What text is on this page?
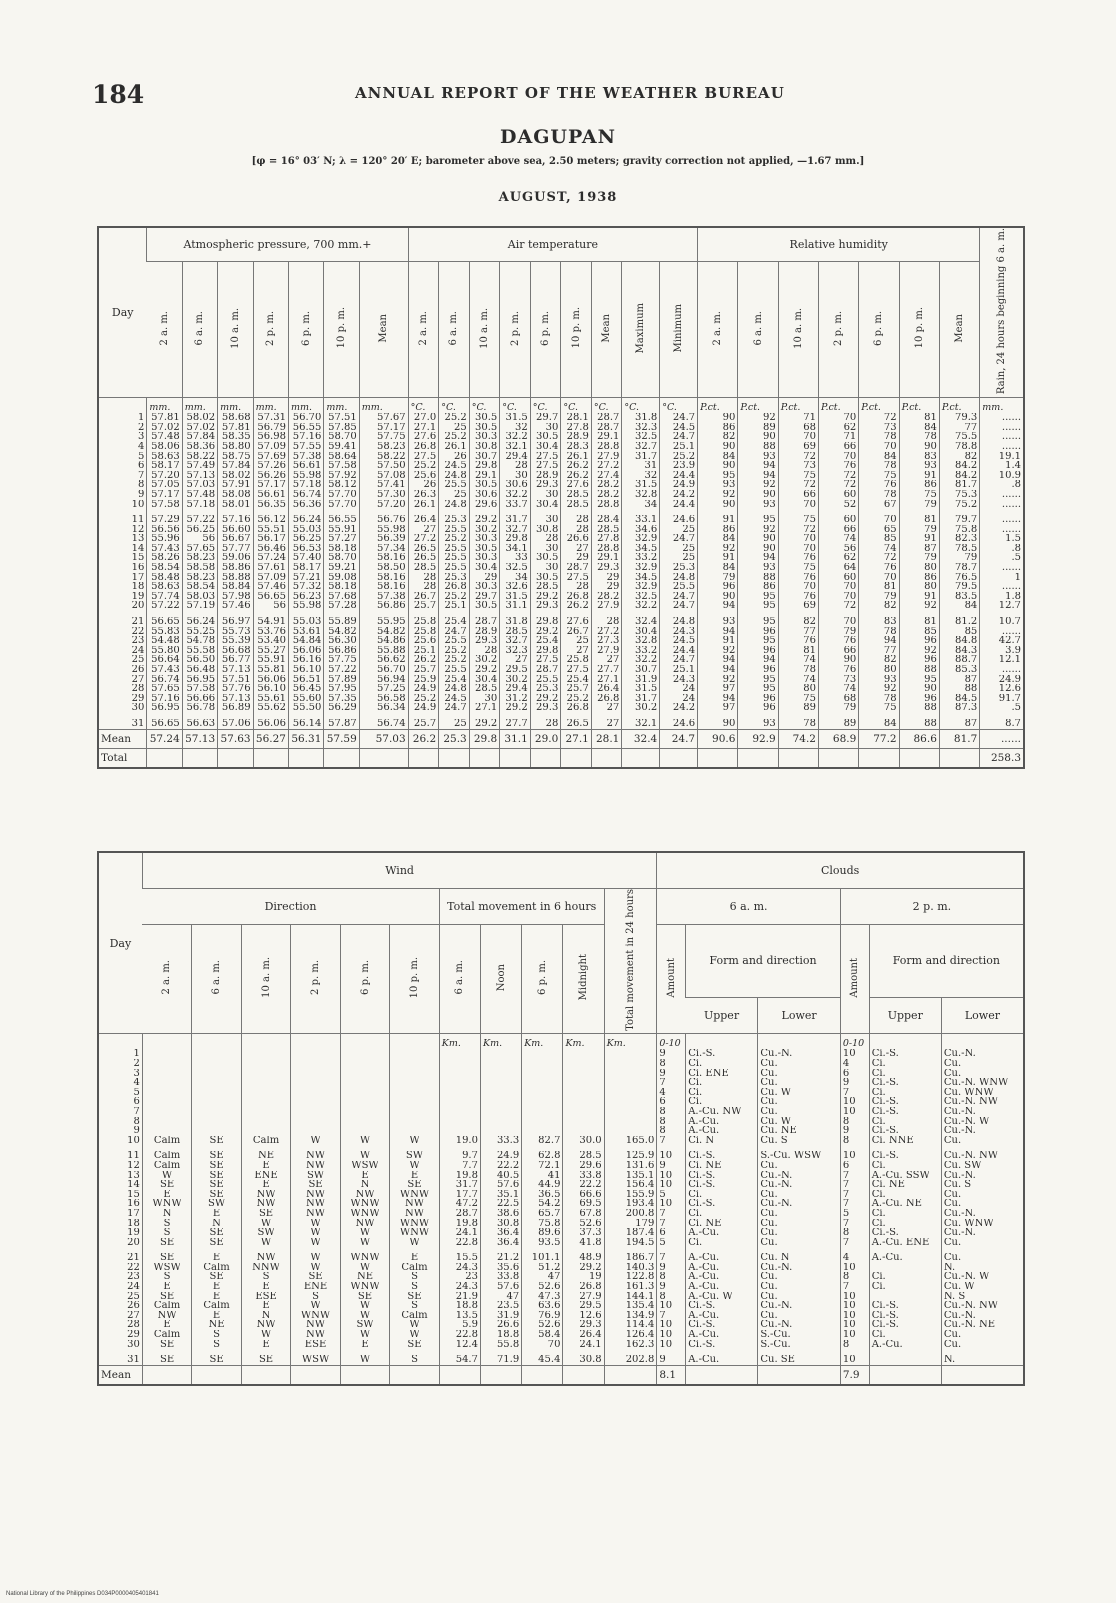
184	ANNUAL REPORT OF THE WEATHER BUREAU
DAGUPAN
[φ = 16° 03′ N; λ = 120° 20′ E; barometer above sea, 2.50 meters; gravity correction not applied, —1.67 mm.]
AUGUST, 1938
Day	Atmospheric pressure, 700 mm.+							Air temperature									Relative humidity							Rain, 24 hours beginning 6 a. m.
	2 a. m.	6 a. m.	10 a. m.	2 p. m.	6 p. m.	10 p. m.	Mean	2 a. m.	6 a. m.	10 a. m.	2 p. m.	6 p. m.	10 p. m.	Mean	Maximum	Minimum	2 a. m.	6 a. m.	10 a. m.	2 p. m.	6 p. m.	10 p. m.	Mean	
	mm.	mm.	mm.	mm.	mm.	mm.	mm.	°C.	°C.	°C.	°C.	°C.	°C.	°C.	°C.	°C.	P.ct.	P.ct.	P.ct.	P.ct.	P.ct.	P.ct.	P.ct.	mm.
1	57.81	58.02	58.68	57.31	56.70	57.51	57.67	27.0	25.2	30.5	31.5	29.7	28.1	28.7	31.8	24.7	90	92	71	70	72	81	79.3	......
2	57.02	57.02	57.81	56.79	56.55	57.85	57.17	27.1	25	30.5	32	30	27.8	28.7	32.3	24.5	86	89	68	62	73	84	77	......
3	57.48	57.84	58.35	56.98	57.16	58.70	57.75	27.6	25.2	30.3	32.2	30.5	28.9	29.1	32.5	24.7	82	90	70	71	78	78	75.5	......
4	58.06	58.36	58.80	57.09	57.55	59.41	58.23	26.8	26.1	30.8	32.1	30.4	28.3	28.8	32.7	25.1	90	88	69	66	70	90	78.8	......
5	58.63	58.22	58.75	57.69	57.38	58.64	58.22	27.5	26	30.7	29.4	27.5	26.1	27.9	31.7	25.2	84	93	72	70	84	83	82	19.1
6	58.17	57.49	57.84	57.26	56.61	57.58	57.50	25.2	24.5	29.8	28	27.5	26.2	27.2	31	23.9	90	94	73	76	78	93	84.2	1.4
7	57.20	57.13	58.02	56.26	55.98	57.92	57.08	25.6	24.8	29.1	30	28.9	26.2	27.4	32	24.4	95	94	75	72	75	91	84.2	10.9
8	57.05	57.03	57.91	57.17	57.18	58.12	57.41	26	25.5	30.5	30.6	29.3	27.6	28.2	31.5	24.9	93	92	72	72	76	86	81.7	.8
9	57.17	57.48	58.08	56.61	56.74	57.70	57.30	26.3	25	30.6	32.2	30	28.5	28.2	32.8	24.2	92	90	66	60	78	75	75.3	......
10	57.58	57.18	58.01	56.35	56.36	57.70	57.20	26.1	24.8	29.6	33.7	30.4	28.5	28.8	34	24.4	90	93	70	52	67	79	75.2	......

11	57.29	57.22	57.16	56.12	56.24	56.55	56.76	26.4	25.3	29.2	31.7	30	28	28.4	33.1	24.6	91	95	75	60	70	81	79.7	......
12	56.56	56.25	56.60	55.51	55.03	55.91	55.98	27	25.5	30.2	32.7	30.8	28	28.5	34.6	25	86	92	72	66	65	79	75.8	......
13	55.96	56	56.67	56.17	56.25	57.27	56.39	27.2	25.2	30.3	29.8	28	26.6	27.8	32.9	24.7	84	90	70	74	85	91	82.3	1.5
14	57.43	57.65	57.77	56.46	56.53	58.18	57.34	26.5	25.5	30.5	34.1	30	27	28.8	34.5	25	92	90	70	56	74	87	78.5	.8
15	58.26	58.23	59.06	57.24	57.40	58.70	58.16	26.5	25.5	30.3	33	30.5	29	29.1	33.2	25	91	94	76	62	72	79	79	.5
16	58.54	58.58	58.86	57.61	58.17	59.21	58.50	28.5	25.5	30.4	32.5	30	28.7	29.3	32.9	25.3	84	93	75	64	76	80	78.7	......
17	58.48	58.23	58.88	57.09	57.21	59.08	58.16	28	25.3	29	34	30.5	27.5	29	34.5	24.8	79	88	76	60	70	86	76.5	1
18	58.63	58.54	58.84	57.46	57.32	58.18	58.16	28	26.8	30.3	32.6	28.5	28	29	32.9	25.5	96	86	70	70	81	80	79.5	......
19	57.74	58.03	57.98	56.65	56.23	57.68	57.38	26.7	25.2	29.7	31.5	29.2	26.8	28.2	32.5	24.7	90	95	76	70	79	91	83.5	1.8
20	57.22	57.19	57.46	56	55.98	57.28	56.86	25.7	25.1	30.5	31.1	29.3	26.2	27.9	32.2	24.7	94	95	69	72	82	92	84	12.7

21	56.65	56.24	56.97	54.91	55.03	55.89	55.95	25.8	25.4	28.7	31.8	29.8	27.6	28	32.4	24.8	93	95	82	70	83	81	81.2	10.7
22	55.83	55.25	55.73	53.76	53.61	54.82	54.82	25.8	24.7	28.9	28.5	29.2	26.7	27.2	30.4	24.3	94	96	77	79	78	85	85	......
23	54.48	54.78	55.39	53.40	54.84	56.30	54.86	25.6	25.5	29.3	32.7	25.4	25	27.3	32.8	24.5	91	95	76	76	94	96	84.8	42.7
24	55.80	55.58	56.68	55.27	56.06	56.86	55.88	25.1	25.2	28	32.3	29.8	27	27.9	33.2	24.4	92	96	81	66	77	92	84.3	3.9
25	56.64	56.50	56.77	55.91	56.16	57.75	56.62	26.2	25.2	30.2	27	27.5	25.8	27	32.2	24.7	94	94	74	90	82	96	88.7	12.1
26	57.43	56.48	57.13	55.81	56.10	57.22	56.70	25.7	25.5	29.2	29.5	28.7	27.5	27.7	30.7	25.1	94	96	78	76	80	88	85.3	......
27	56.74	56.95	57.51	56.06	56.51	57.89	56.94	25.9	25.4	30.4	30.2	25.5	25.4	27.1	31.9	24.3	92	95	74	73	93	95	87	24.9
28	57.65	57.58	57.76	56.10	56.45	57.95	57.25	24.9	24.8	28.5	29.4	25.3	25.7	26.4	31.5	24	97	95	80	74	92	90	88	12.6
29	57.16	56.66	57.13	55.61	55.60	57.35	56.58	25.2	24.5	30	31.2	29.2	25.2	26.8	31.7	24	94	96	75	68	78	96	84.5	91.7
30	56.95	56.78	56.89	55.62	55.50	56.29	56.34	24.9	24.7	27.1	29.2	29.3	26.8	27	30.2	24.2	97	96	89	79	75	88	87.3	.5

31	56.65	56.63	57.06	56.06	56.14	57.87	56.74	25.7	25	29.2	27.7	28	26.5	27	32.1	24.6	90	93	78	89	84	88	87	8.7
Mean	57.24	57.13	57.63	56.27	56.31	57.59	57.03	26.2	25.3	29.8	31.1	29.0	27.1	28.1	32.4	24.7	90.6	92.9	74.2	68.9	77.2	86.6	81.7	......
Total																								258.3
Day	Wind											Clouds					
	Direction						Total movement in 6 hours				Total movement in 24 hours	6 a. m.			2 p. m.		
	2 a. m.	6 a. m.	10 a. m.	2 p. m.	6 p. m.	10 p. m.	6 a. m.	Noon	6 p. m.	Midnight		Amount	Form and direction		Amount	Form and direction	
													Upper	Lower		Upper	Lower
							Km.	Km.	Km.	Km.	Km.	0-10			0-10		
1												9	Ci.-S.	Cu.-N.	10	Ci.-S.	Cu.-N.
2												8	Ci.	Cu.	4	Ci.	Cu.
3												9	Ci. ENE	Cu.	6	Ci.	Cu.
4												7	Ci.	Cu.	9	Ci.-S.	Cu.-N. WNW
5												4	Ci.	Cu. W	7	Ci.	Cu. WNW
6												6	Ci.	Cu.	10	Ci.-S.	Cu.-N. NW
7												8	A.-Cu. NW	Cu.	10	Ci.-S.	Cu.-N.
8												8	A.-Cu.	Cu. W	8	Ci.	Cu.-N. W
9												8	A.-Cu.	Cu. NE	9	Ci.-S.	Cu.-N.
10	Calm	SE	Calm	W	W	W	19.0	33.3	82.7	30.0	165.0	7	Ci. N	Cu. S	8	Ci. NNE	Cu.

11	Calm	SE	NE	NW	W	SW	9.7	24.9	62.8	28.5	125.9	10	Ci.-S.	S.-Cu. WSW	10	Ci.-S.	Cu.-N. NW
12	Calm	SE	E	NW	WSW	W	7.7	22.2	72.1	29.6	131.6	9	Ci. NE	Cu.	6	Ci.	Cu. SW
13	W	SE	ENE	SW	E	E	19.8	40.5	41	33.8	135.1	10	Ci.-S.	Cu.-N.	7	A.-Cu. SSW	Cu.-N.
14	SE	SE	E	SE	N	SE	31.7	57.6	44.9	22.2	156.4	10	Ci.-S.	Cu.-N.	7	Ci. NE	Cu. S
15	E	SE	NW	NW	NW	WNW	17.7	35.1	36.5	66.6	155.9	5	Ci.	Cu.	7	Ci.	Cu.
16	WNW	SW	NW	NW	WNW	NW	47.2	22.5	54.2	69.5	193.4	10	Ci.-S.	Cu.-N.	7	A.-Cu. NE	Cu.
17	N	E	SE	NW	WNW	NW	28.7	38.6	65.7	67.8	200.8	7	Ci.	Cu.	5	Ci.	Cu.-N.
18	S	N	W	W	NW	WNW	19.8	30.8	75.8	52.6	179	7	Ci. NE	Cu.	7	Ci.	Cu. WNW
19	S	SE	SW	W	W	WNW	24.1	36.4	89.6	37.3	187.4	6	A.-Cu.	Cu.	8	Ci.-S.	Cu.-N.
20	SE	SE	W	W	W	W	22.8	36.4	93.5	41.8	194.5	5	Ci.	Cu.	7	A.-Cu. ENE	Cu.

21	SE	E	NW	W	WNW	E	15.5	21.2	101.1	48.9	186.7	7	A.-Cu.	Cu. N	4	A.-Cu.	Cu.
22	WSW	Calm	NNW	W	W	Calm	24.3	35.6	51.2	29.2	140.3	9	A.-Cu.	Cu.-N.	10		N.
23	S	SE	S	SE	NE	S	23	33.8	47	19	122.8	8	A.-Cu.	Cu.	8	Ci.	Cu.-N. W
24	E	E	E	ENE	WNW	S	24.3	57.6	52.6	26.8	161.3	9	A.-Cu.	Cu.	7	Ci.	Cu. W
25	SE	E	ESE	S	SE	SE	21.9	47	47.3	27.9	144.1	8	A.-Cu. W	Cu.	10		N. S
26	Calm	Calm	E	W	W	S	18.8	23.5	63.6	29.5	135.4	10	Ci.-S.	Cu.-N.	10	Ci.-S.	Cu.-N. NW
27	NW	E	N	WNW	W	Calm	13.5	31.9	76.9	12.6	134.9	7	A.-Cu.	Cu.	10	Ci.-S.	Cu.-N.
28	E	NE	NW	NW	SW	W	5.9	26.6	52.6	29.3	114.4	10	Ci.-S.	Cu.-N.	10	Ci.-S.	Cu.-N. NE
29	Calm	S	W	NW	W	W	22.8	18.8	58.4	26.4	126.4	10	A.-Cu.	S.-Cu.	10	Ci.	Cu.
30	SE	S	E	ESE	E	SE	12.4	55.8	70	24.1	162.3	10	Ci.-S.	S.-Cu.	8	A.-Cu.	Cu.

31	SE	SE	SE	WSW	W	S	54.7	71.9	45.4	30.8	202.8	9	A.-Cu.	Cu. SE	10		N.
Mean												8.1			7.9		
National Library of the Philippines D034P0000405401841
